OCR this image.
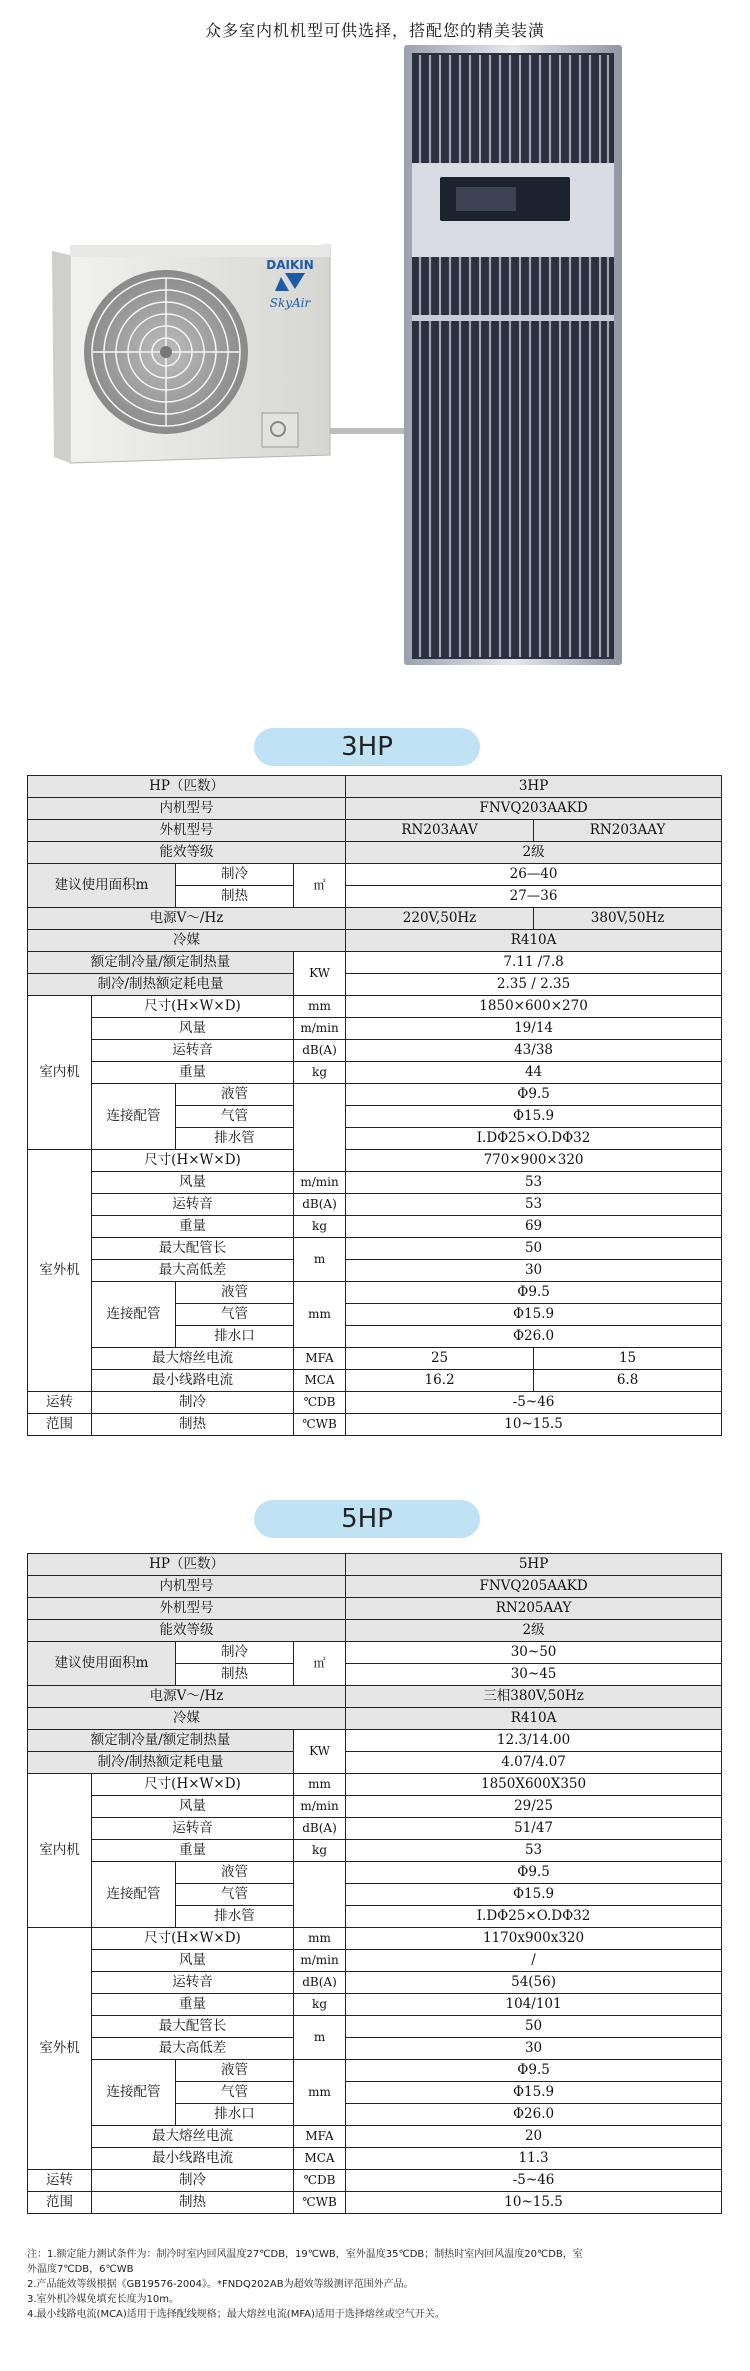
众多室内机机型可供选择，搭配您的精美装潢
DAIKIN
SkyAir
3HP
HP（匹数）				3HP	
内机型号				FNVQ203AAKD	
外机型号				RN203AAV	RN203AAY
能效等级				2级	
建议使用面积m		制冷	㎡	26—40	
		制热		27—36	
电源V～/Hz				220V,50Hz	380V,50Hz
冷媒				R410A	
额定制冷量/额定制热量			KW	7.11 /7.8	
制冷/制热额定耗电量				2.35 / 2.35	
室内机	尺寸(H×W×D)		mm	1850×600×270	
	风量		m/min	19/14	
	运转音		dB(A)	43/38	
	重量		kg	44	
	连接配管	液管		Φ9.5	
		气管		Φ15.9	
		排水管		I.DΦ25×O.DΦ32	
室外机	尺寸(H×W×D)			770×900×320	
	风量		m/min	53	
	运转音		dB(A)	53	
	重量		kg	69	
	最大配管长		m	50	
	最大高低差			30	
	连接配管	液管	mm	Φ9.5	
		气管		Φ15.9	
		排水口		Φ26.0	
	最大熔丝电流		MFA	25	15
	最小线路电流		MCA	16.2	6.8
运转	制冷		℃DB	-5~46	
范围	制热		℃WB	10~15.5	
5HP
HP（匹数）				5HP
内机型号				FNVQ205AAKD
外机型号				RN205AAY
能效等级				2级
建议使用面积m		制冷	㎡	30~50
		制热		30~45
电源V～/Hz				三相380V,50Hz
冷媒				R410A
额定制冷量/额定制热量			KW	12.3/14.00
制冷/制热额定耗电量				4.07/4.07
室内机	尺寸(H×W×D)		mm	1850X600X350
	风量		m/min	29/25
	运转音		dB(A)	51/47
	重量		kg	53
	连接配管	液管		Φ9.5
		气管		Φ15.9
		排水管		I.DΦ25×O.DΦ32
室外机	尺寸(H×W×D)		mm	1170x900x320
	风量		m/min	/
	运转音		dB(A)	54(56)
	重量		kg	104/101
	最大配管长		m	50
	最大高低差			30
	连接配管	液管	mm	Φ9.5
		气管		Φ15.9
		排水口		Φ26.0
	最大熔丝电流		MFA	20
	最小线路电流		MCA	11.3
运转	制冷		℃DB	-5~46
范围	制热		℃WB	10~15.5
注：1.额定能力测试条件为：制冷时室内回风温度27℃DB，19℃WB，室外温度35℃DB；制热时室内回风温度20℃DB，室
外温度7℃DB，6℃WB
2.产品能效等级根据《GB19576-2004》。*FNDQ202AB为超效等级测评范围外产品。
3.室外机冷媒免填充长度为10m。
4.最小线路电流(MCA)适用于选择配线规格；最大熔丝电流(MFA)适用于选择熔丝或空气开关。
